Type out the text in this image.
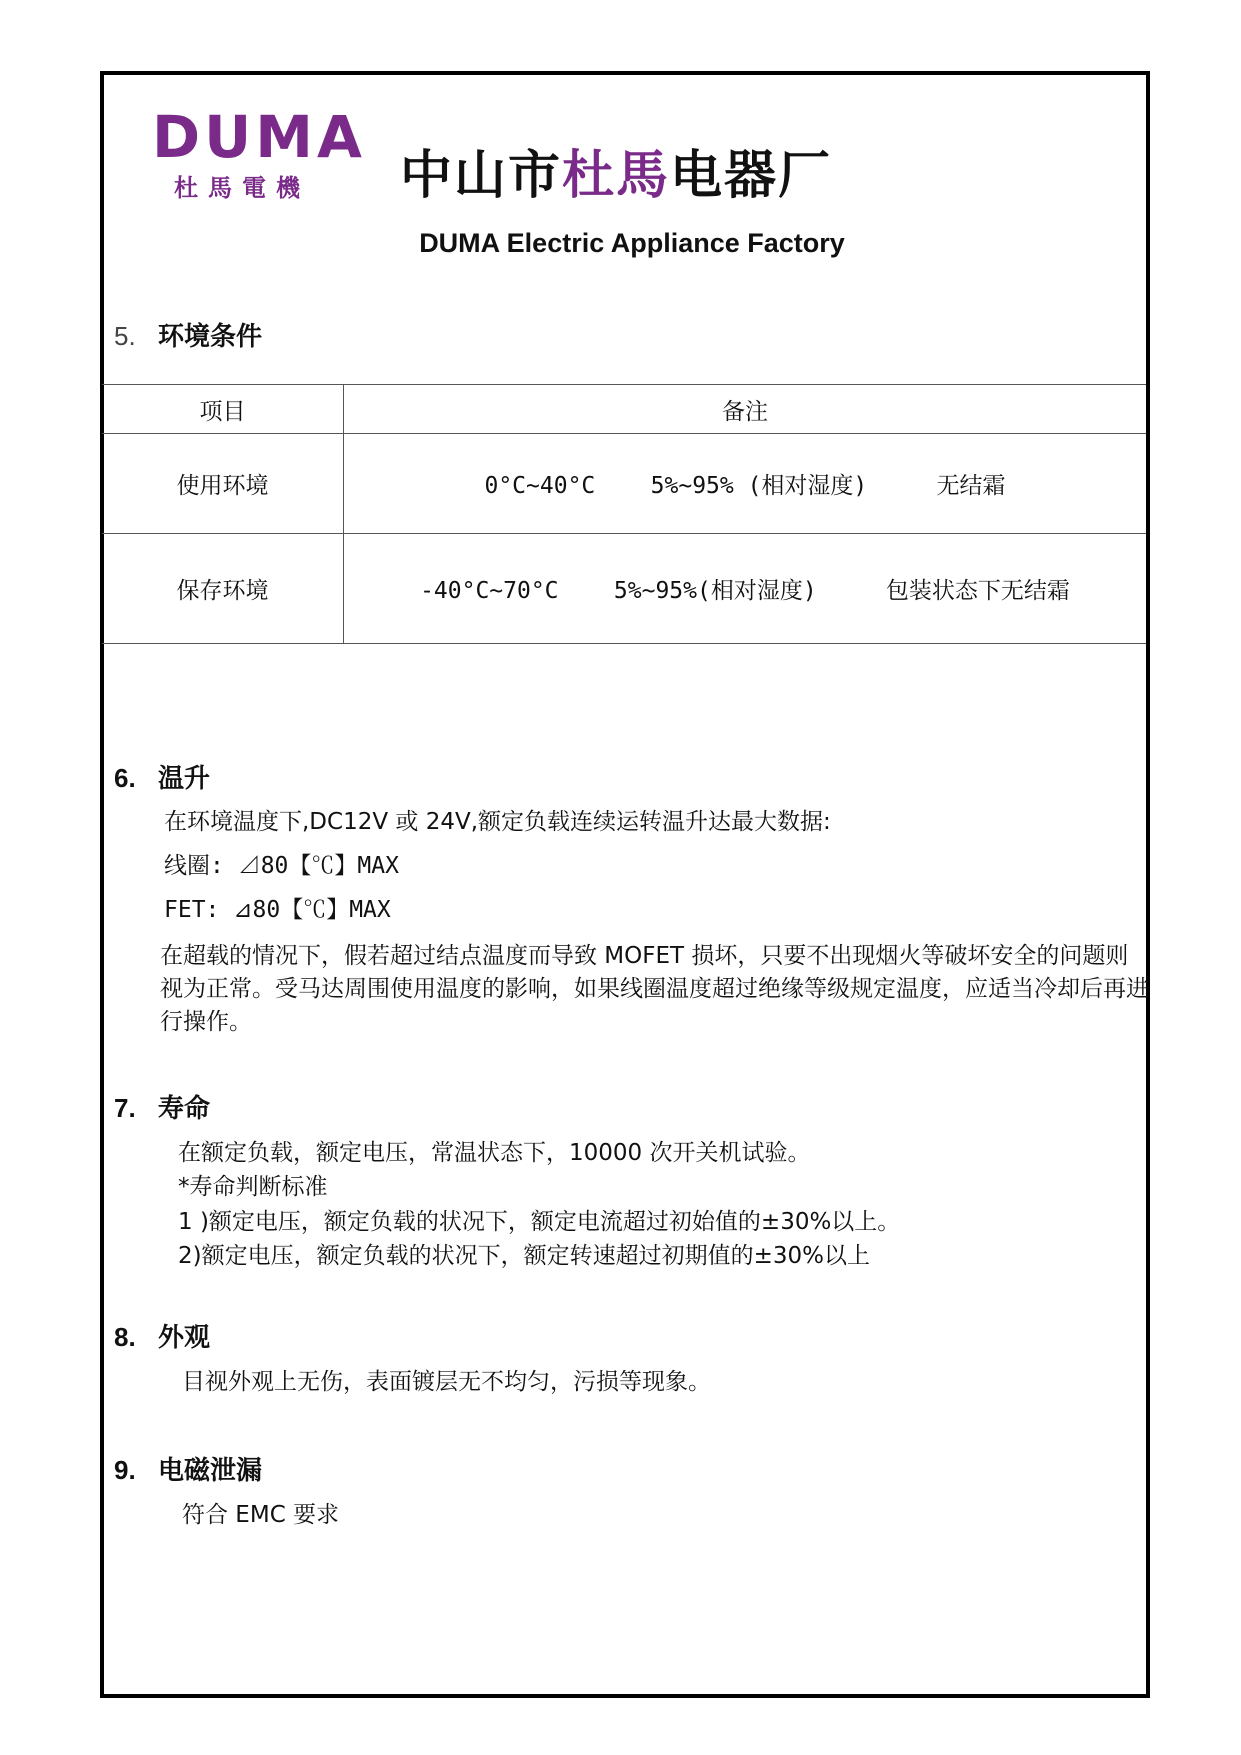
DUMA
杜馬電機	中山市杜馬电器厂
DUMA Electric Appliance Factory
5. 环境条件
项目	备注
使用环境	0°C~40°C    5%~95% (相对湿度)     无结霜
保存环境	-40°C~70°C    5%~95%(相对湿度)     包装状态下无结霜
6. 温升
在环境温度下,DC12V 或 24V,额定负载连续运转温升达最大数据:
线圈: ⊿80【℃】MAX
FET: ⊿80【℃】MAX
在超载的情况下，假若超过结点温度而导致 MOFET 损坏，只要不出现烟火等破坏安全的问题则视为正常。受马达周围使用温度的影响，如果线圈温度超过绝缘等级规定温度，应适当冷却后再进行操作。
7. 寿命
在额定负载，额定电压，常温状态下，10000 次开关机试验。
*寿命判断标准
1 )额定电压，额定负载的状况下，额定电流超过初始值的±30%以上。
2)额定电压，额定负载的状况下，额定转速超过初期值的±30%以上
8. 外观
目视外观上无伤，表面镀层无不均匀，污损等现象。
9. 电磁泄漏
符合 EMC 要求
